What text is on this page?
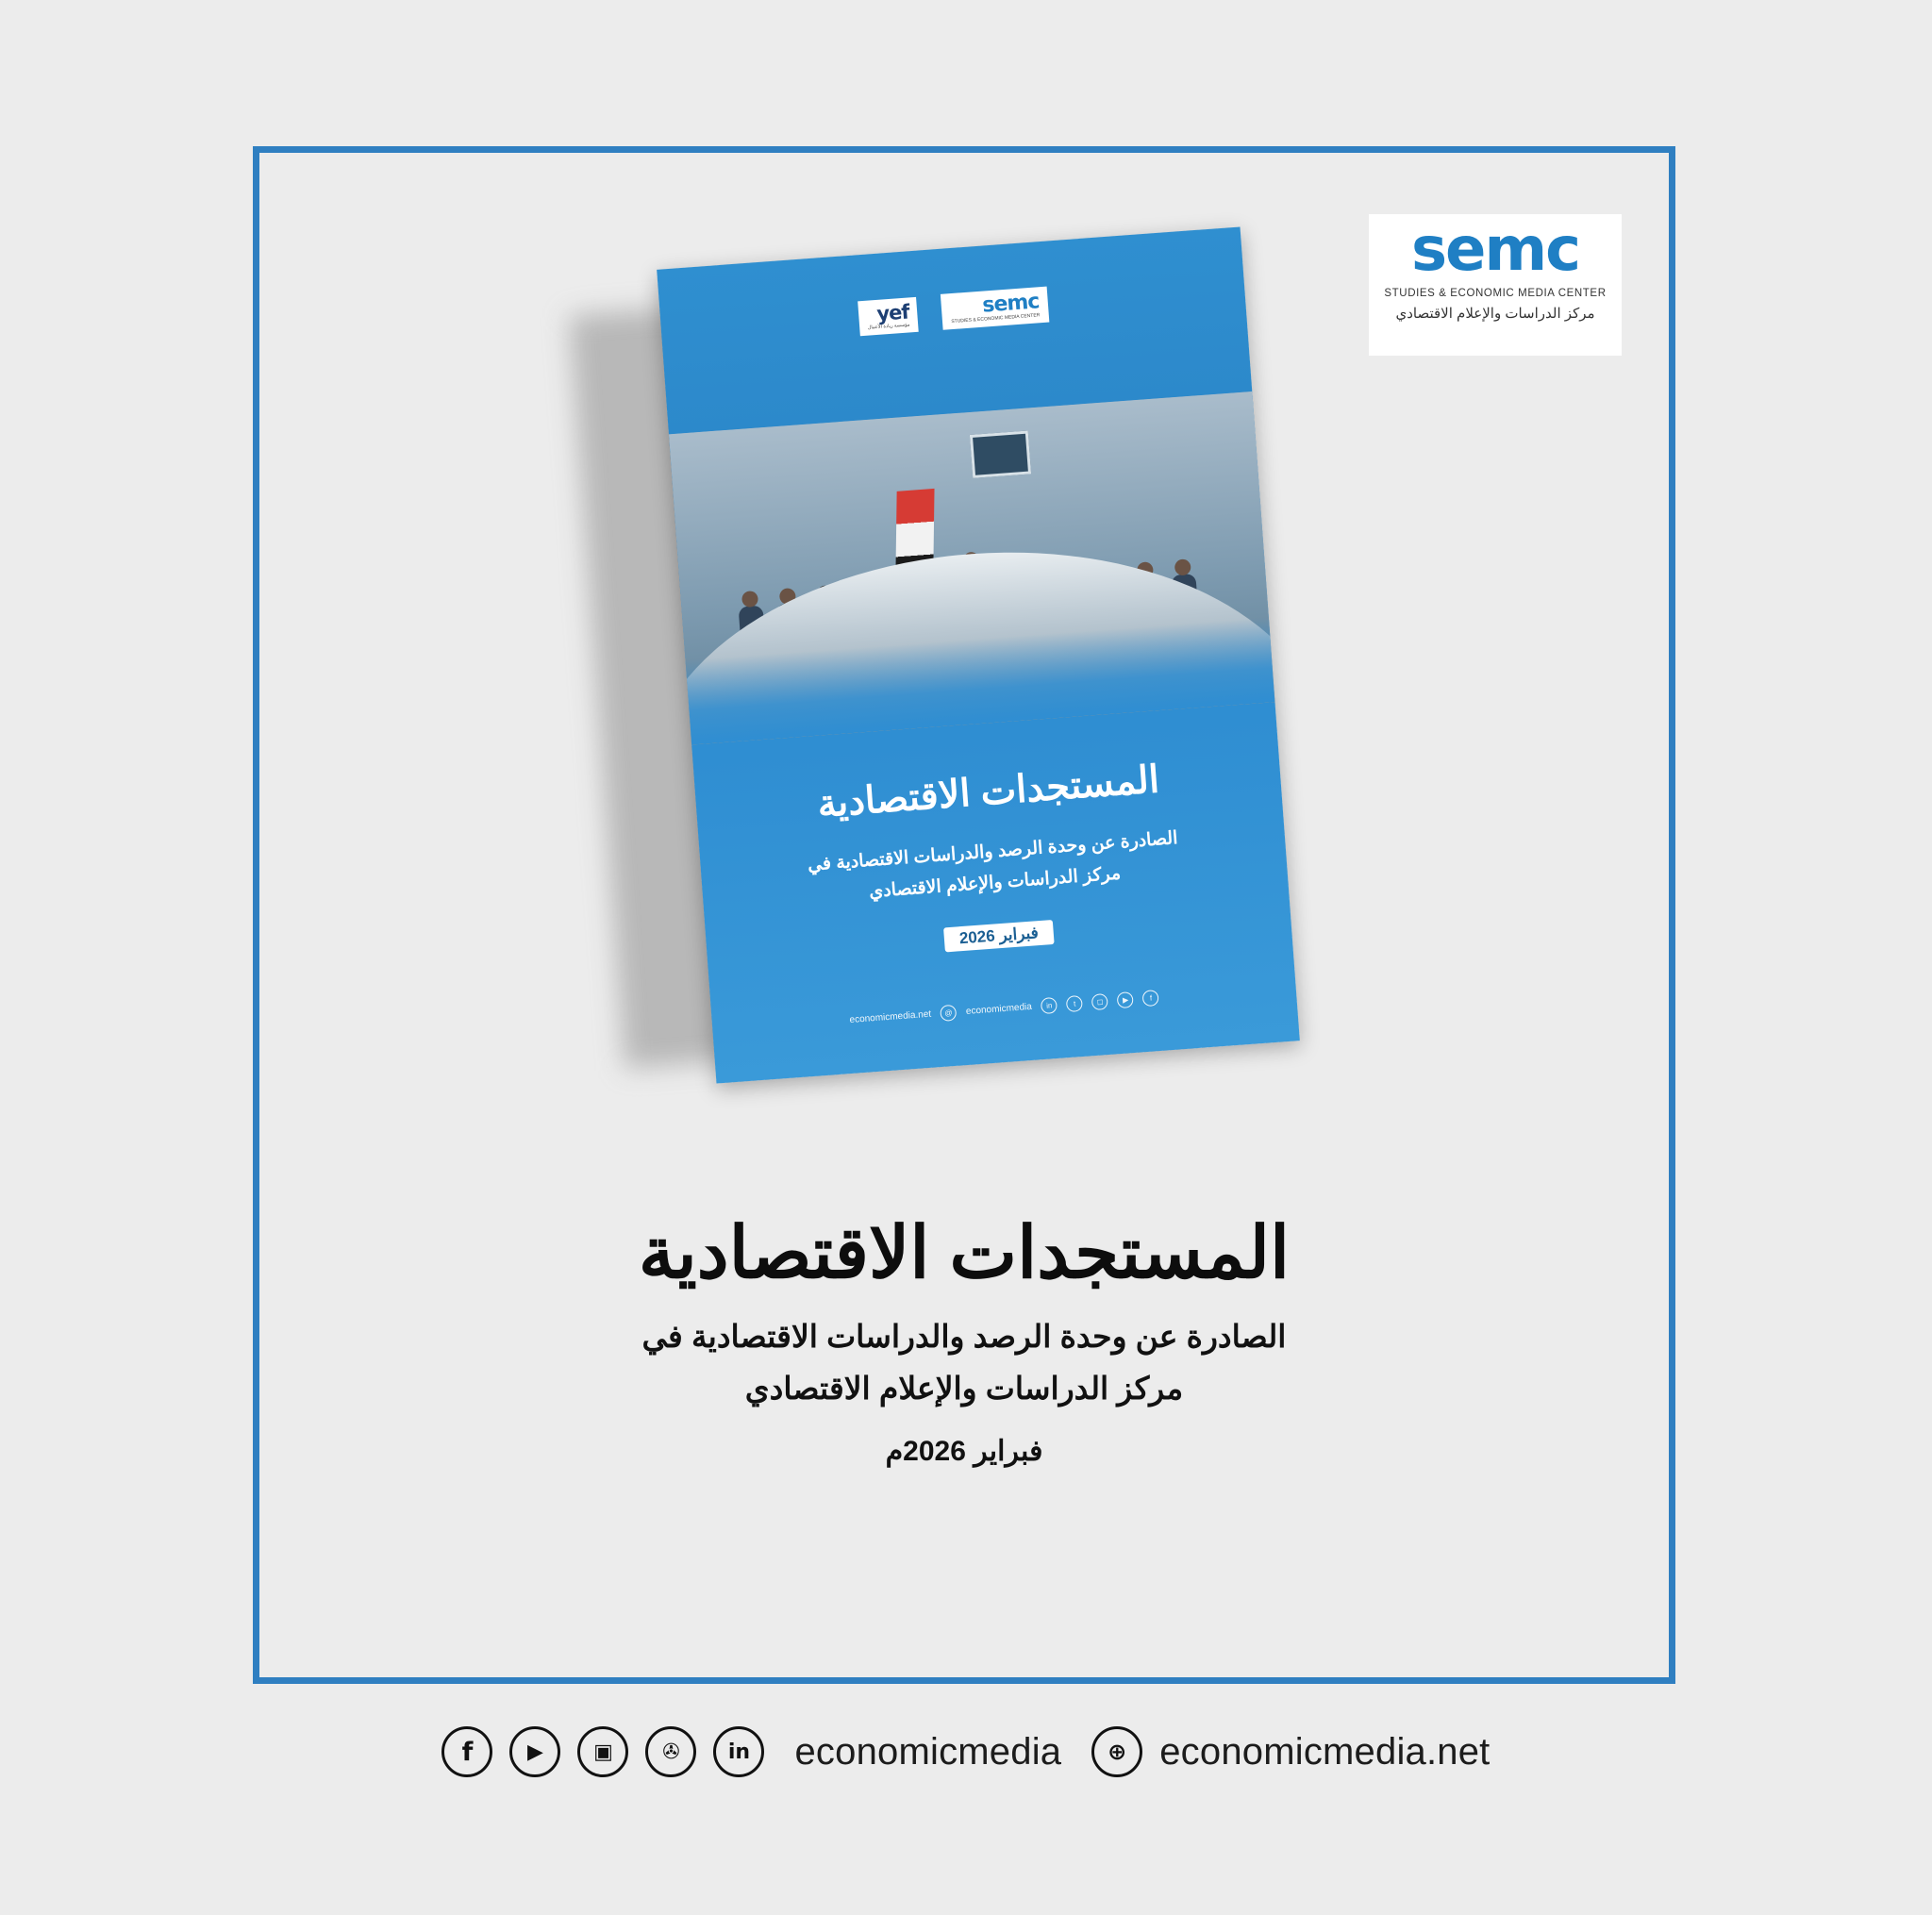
semc
STUDIES & ECONOMIC MEDIA CENTER
مركز الدراسات والإعلام الاقتصادي
semc
STUDIES & ECONOMIC MEDIA CENTER
yef
مؤسسة ريادة الأعمال
المستجدات الاقتصادية
الصادرة عن وحدة الرصد والدراسات الاقتصادية في
مركز الدراسات والإعلام الاقتصادي
فبراير 2026
f
▶
◻
t
in
economicmedia
@
economicmedia.net
المستجدات الاقتصادية
الصادرة عن وحدة الرصد والدراسات الاقتصادية في
مركز الدراسات والإعلام الاقتصادي
فبراير 2026م
f	▶	▣	✇	in	economicmedia	⊕ economicmedia.net
